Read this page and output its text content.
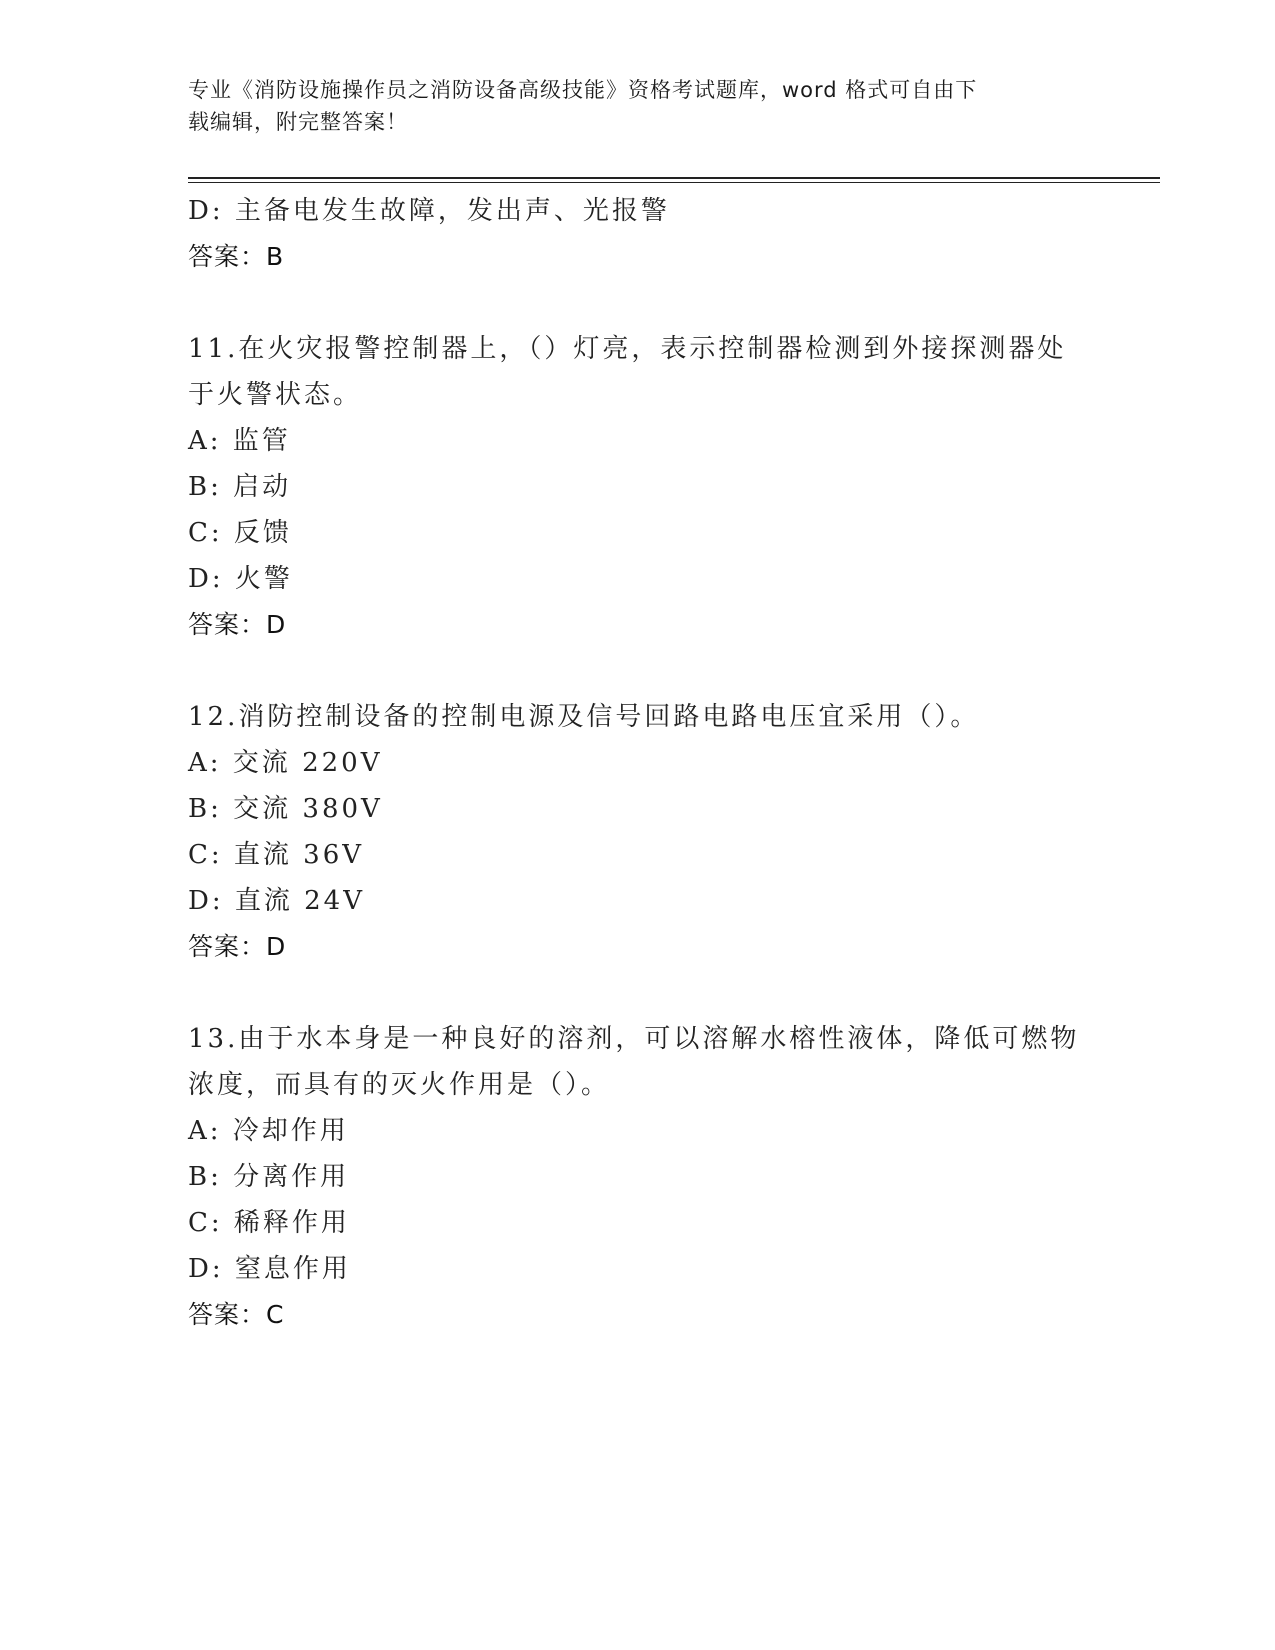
专业《消防设施操作员之消防设备高级技能》资格考试题库，word 格式可自由下
载编辑，附完整答案！
D: 主备电发生故障，发出声、光报警
答案：B
11.在火灾报警控制器上，（）灯亮，表示控制器检测到外接探测器处
于火警状态。
A: 监管
B: 启动
C: 反馈
D: 火警
答案：D
12.消防控制设备的控制电源及信号回路电路电压宜采用（）。
A: 交流 220V
B: 交流 380V
C: 直流 36V
D: 直流 24V
答案：D
13.由于水本身是一种良好的溶剂，可以溶解水榕性液体，降低可燃物
浓度，而具有的灭火作用是（）。
A: 冷却作用
B: 分离作用
C: 稀释作用
D: 窒息作用
答案：C
